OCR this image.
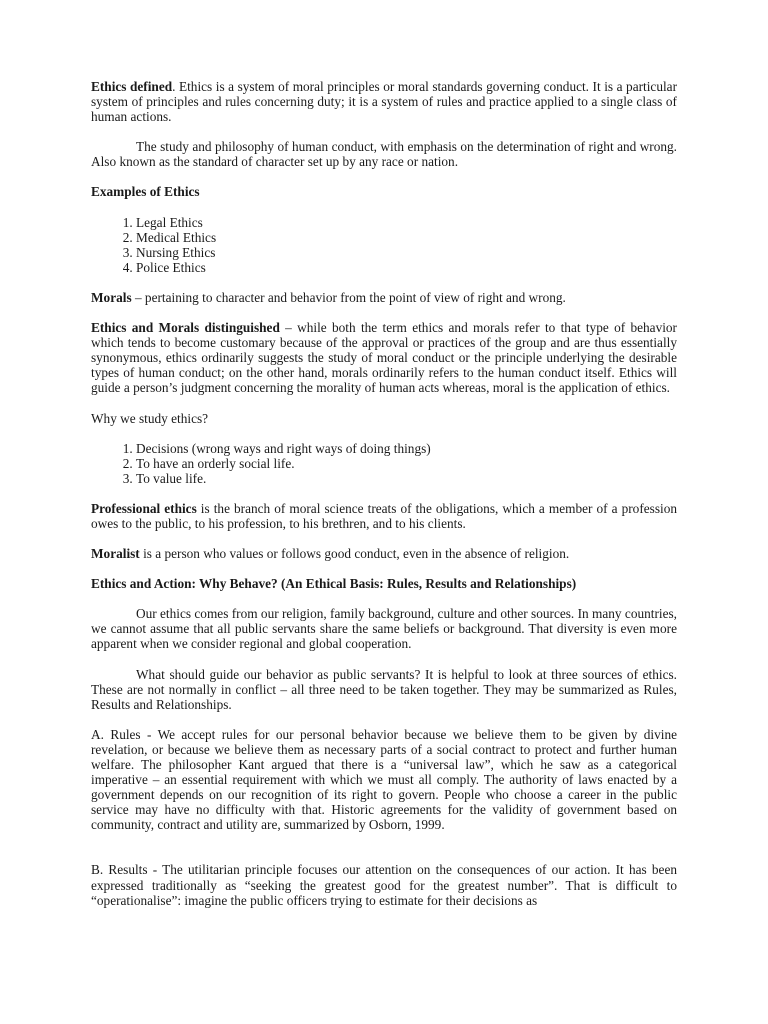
Ethics defined. Ethics is a system of moral principles or moral standards governing conduct. It is a particular system of principles and rules concerning duty; it is a system of rules and practice applied to a single class of human actions.

The study and philosophy of human conduct, with emphasis on the determination of right and wrong. Also known as the standard of character set up by any race or nation.

Examples of Ethics

1. Legal Ethics
2. Medical Ethics
3. Nursing Ethics
4. Police Ethics

Morals – pertaining to character and behavior from the point of view of right and wrong.

Ethics and Morals distinguished – while both the term ethics and morals refer to that type of behavior which tends to become customary because of the approval or practices of the group and are thus essentially synonymous, ethics ordinarily suggests the study of moral conduct or the principle underlying the desirable types of human conduct; on the other hand, morals ordinarily refers to the human conduct itself. Ethics will guide a person’s judgment concerning the morality of human acts whereas, moral is the application of ethics.

Why we study ethics?

1. Decisions (wrong ways and right ways of doing things)
2. To have an orderly social life.
3. To value life.

Professional ethics is the branch of moral science treats of the obligations, which a member of a profession owes to the public, to his profession, to his brethren, and to his clients.

Moralist is a person who values or follows good conduct, even in the absence of religion.

Ethics and Action: Why Behave? (An Ethical Basis: Rules, Results and Relationships)

Our ethics comes from our religion, family background, culture and other sources. In many countries, we cannot assume that all public servants share the same beliefs or background. That diversity is even more apparent when we consider regional and global cooperation.

What should guide our behavior as public servants? It is helpful to look at three sources of ethics. These are not normally in conflict – all three need to be taken together. They may be summarized as Rules, Results and Relationships.

A. Rules - We accept rules for our personal behavior because we believe them to be given by divine revelation, or because we believe them as necessary parts of a social contract to protect and further human welfare. The philosopher Kant argued that there is a “universal law”, which he saw as a categorical imperative – an essential requirement with which we must all comply. The authority of laws enacted by a government depends on our recognition of its right to govern. People who choose a career in the public service may have no difficulty with that. Historic agreements for the validity of government based on community, contract and utility are, summarized by Osborn, 1999.

B. Results - The utilitarian principle focuses our attention on the consequences of our action. It has been expressed traditionally as “seeking the greatest good for the greatest number”. That is difficult to “operationalise”: imagine the public officers trying to estimate for their decisions as
